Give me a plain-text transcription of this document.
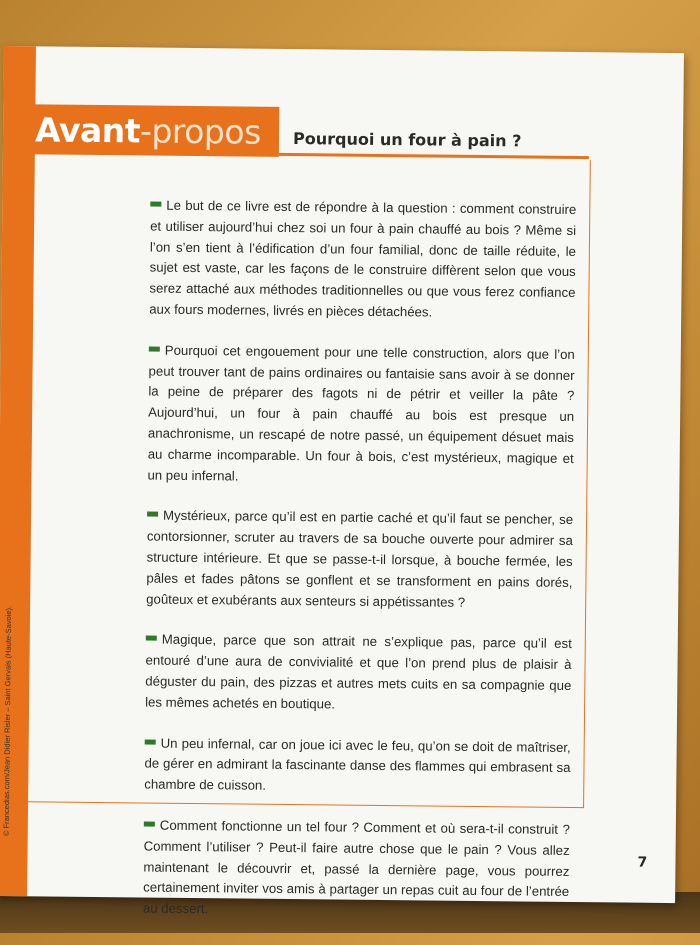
Avant -propos Pourquoi un four à pain ?

Le but de ce livre est de répondre à la question : comment construire et utiliser aujourd’hui chez soi un four à pain chauffé au bois ? Même si l’on s’en tient à l’édification d’un four familial, donc de taille réduite, le sujet est vaste, car les façons de le construire diffèrent selon que vous serez attaché aux méthodes traditionnelles ou que vous ferez confiance aux fours modernes, livrés en pièces détachées.

Pourquoi cet engouement pour une telle construction, alors que l’on peut trouver tant de pains ordinaires ou fantaisie sans avoir à se donner la peine de préparer des fagots ni de pétrir et veiller la pâte ? Aujourd’hui, un four à pain chauffé au bois est presque un anachronisme, un rescapé de notre passé, un équipement désuet mais au charme incomparable. Un four à bois, c’est mystérieux, magique et un peu infernal.

Mystérieux, parce qu’il est en partie caché et qu’il faut se pencher, se contorsionner, scruter au travers de sa bouche ouverte pour admirer sa structure intérieure. Et que se passe-t-il lorsque, à bouche fermée, les pâles et fades pâtons se gonflent et se transforment en pains dorés, goûteux et exubérants aux senteurs si appétissantes ?

Magique, parce que son attrait ne s’explique pas, parce qu’il est entouré d’une aura de convivialité et que l’on prend plus de plaisir à déguster du pain, des pizzas et autres mets cuits en sa compagnie que les mêmes achetés en boutique.

Un peu infernal, car on joue ici avec le feu, qu’on se doit de maîtriser, de gérer en admirant la fascinante danse des flammes qui embrasent sa chambre de cuisson.

Comment fonctionne un tel four ? Comment et où sera-t-il construit ? Comment l’utiliser ? Peut-il faire autre chose que le pain ? Vous allez maintenant le découvrir et, passé la dernière page, vous pourrez certainement inviter vos amis à partager un repas cuit au four de l’entrée au dessert.

© Francedias.com/Jean Didier Risler – Saint Gervais (Haute-Savoie).
7
